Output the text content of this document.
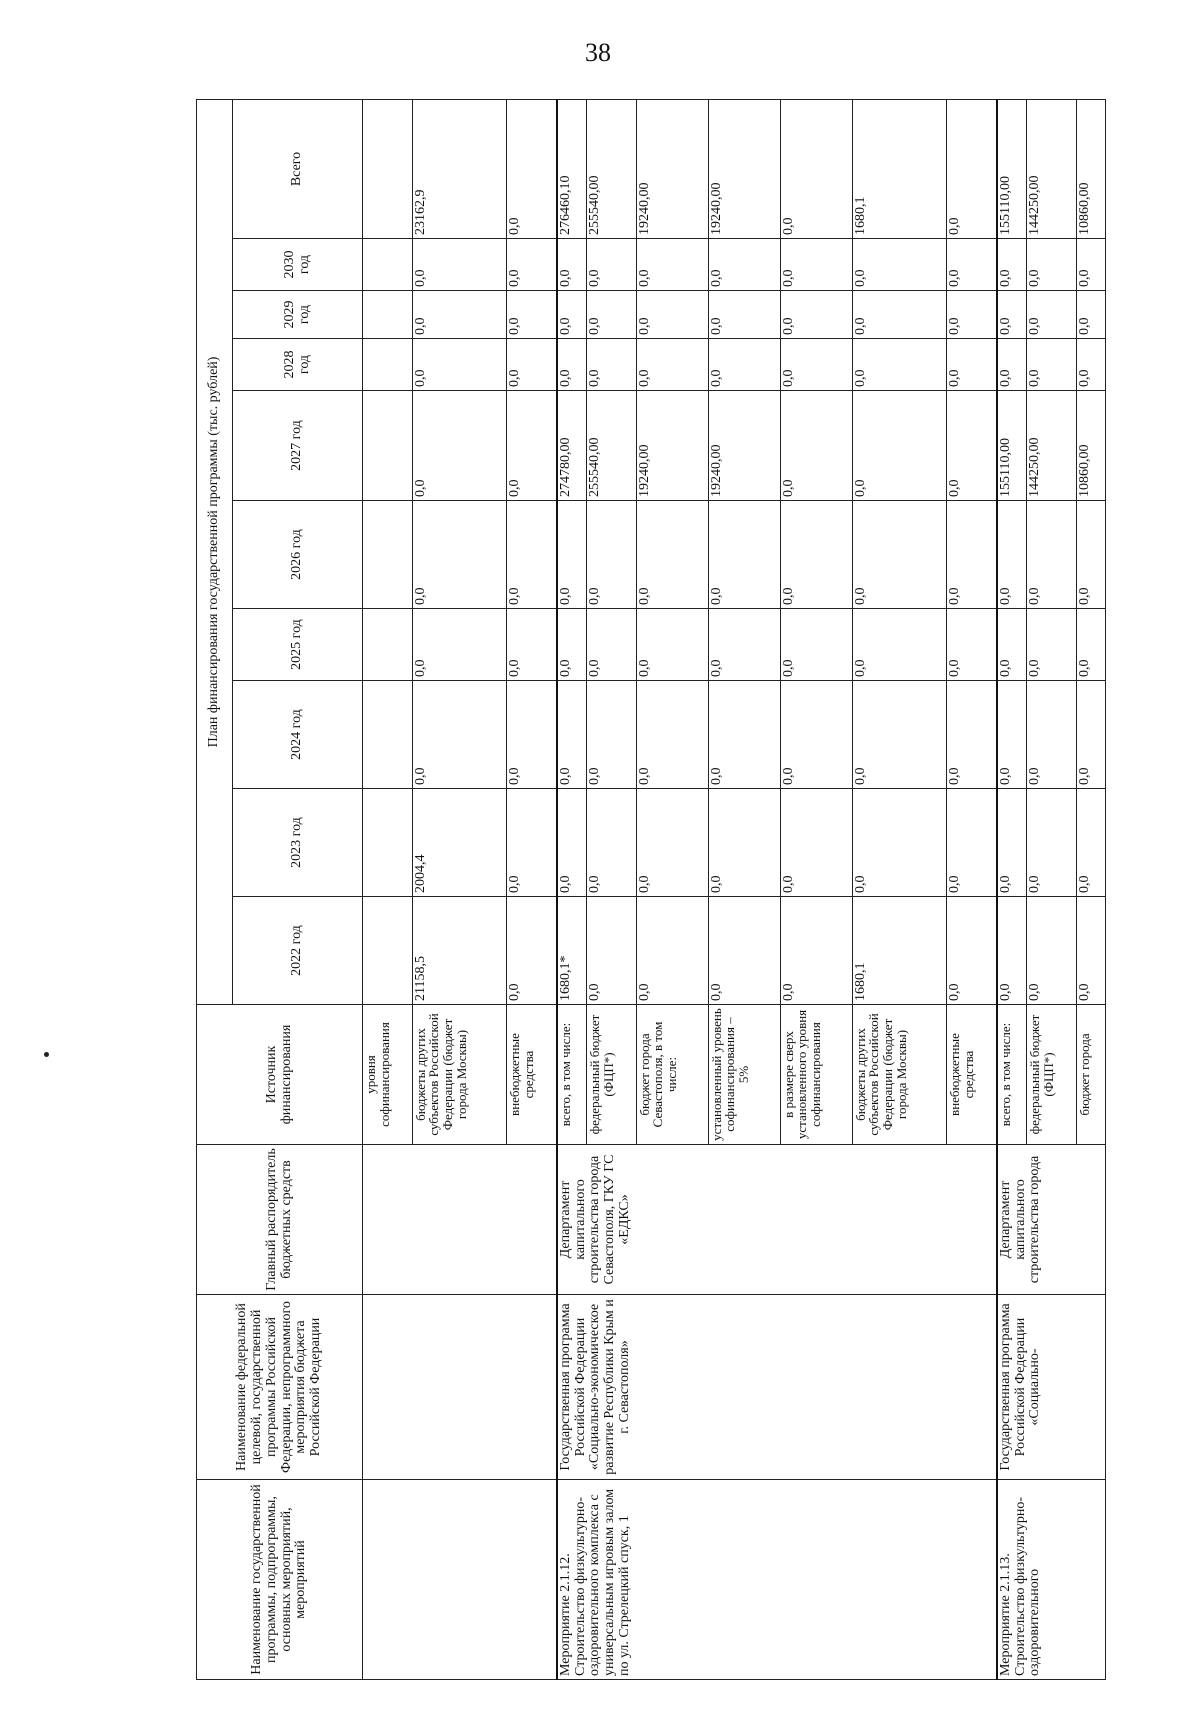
38
Наименование государственной программы, подпрограммы, основных мероприятий, мероприятий	Наименование федеральной целевой, государственной программы Российской Федерации, непрограммного мероприятия бюджета Российской Федерации	Главный распорядитель бюджетных средств	Источник финансирования	План финансирования государственной программы (тыс. рублей)									
				2022 год	2023 год	2024 год	2025 год	2026 год	2027 год	2028 год	2029 год	2030 год	Всего
			уровня софинансирования										
			бюджеты других субъектов Российской Федерации (бюджет города Москвы)	21158,5	2004,4	0,0	0,0	0,0	0,0	0,0	0,0	0,0	23162,9
			внебюджетные средства	0,0	0,0	0,0	0,0	0,0	0,0	0,0	0,0	0,0	0,0
Мероприятие 2.1.12. Строительство физкультурно-оздоровительного комплекса с универсальным игровым залом по ул. Стрелецкий спуск, 1	Государственная программа Российской Федерации «Социально-экономическое развитие Республики Крым и г. Севастополя»	Департамент капитального строительства города Севастополя, ГКУ ГС «ЕДКС»	всего, в том числе:	1680,1*	0,0	0,0	0,0	0,0	274780,00	0,0	0,0	0,0	276460,10
			федеральный бюджет (ФЦП*)	0,0	0,0	0,0	0,0	0,0	255540,00	0,0	0,0	0,0	255540,00
			бюджет города Севастополя, в том числе:	0,0	0,0	0,0	0,0	0,0	19240,00	0,0	0,0	0,0	19240,00
			установленный уровень софинансирования – 5%	0,0	0,0	0,0	0,0	0,0	19240,00	0,0	0,0	0,0	19240,00
			в размере сверх установленного уровня софинансирования	0,0	0,0	0,0	0,0	0,0	0,0	0,0	0,0	0,0	0,0
			бюджеты других субъектов Российской Федерации (бюджет города Москвы)	1680,1	0,0	0,0	0,0	0,0	0,0	0,0	0,0	0,0	1680,1
			внебюджетные средства	0,0	0,0	0,0	0,0	0,0	0,0	0,0	0,0	0,0	0,0
Мероприятие 2.1.13. Строительство физкультурно-оздоровительного	Государственная программа Российской Федерации «Социально-	Департамент капитального строительства города	всего, в том числе:	0,0	0,0	0,0	0,0	0,0	155110,00	0,0	0,0	0,0	155110,00
			федеральный бюджет (ФЦП*)	0,0	0,0	0,0	0,0	0,0	144250,00	0,0	0,0	0,0	144250,00
			бюджет города	0,0	0,0	0,0	0,0	0,0	10860,00	0,0	0,0	0,0	10860,00
